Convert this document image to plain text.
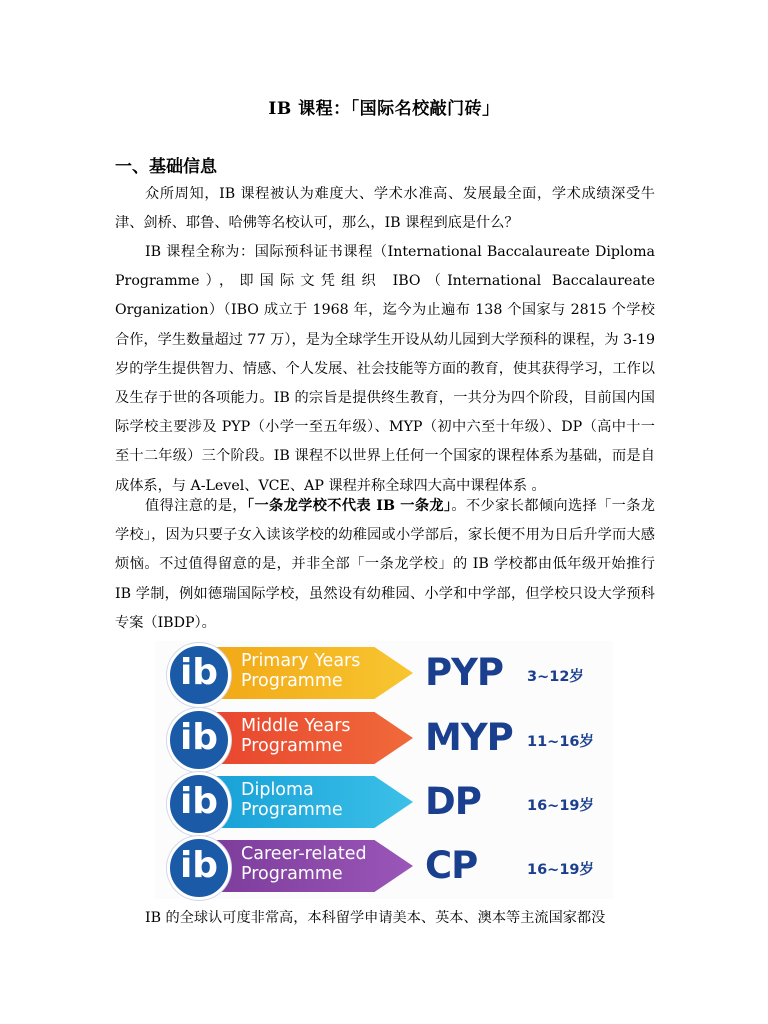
IB 课程：「国际名校敲门砖」
一、基础信息
众所周知，IB 课程被认为难度大、学术水准高、发展最全面，学术成绩深受牛津、剑桥、耶鲁、哈佛等名校认可，那么，IB 课程到底是什么？
IB 课程全称为：国际预科证书课程（International Baccalaureate Diploma Programme），即国际文凭组织 IBO（International Baccalaureate Organization）（IBO 成立于 1968 年，迄今为止遍布 138 个国家与 2815 个学校合作，学生数量超过 77 万），是为全球学生开设从幼儿园到大学预科的课程，为 3-19 岁的学生提供智力、情感、个人发展、社会技能等方面的教育，使其获得学习，工作以及生存于世的各项能力。IB 的宗旨是提供终生教育，一共分为四个阶段，目前国内国际学校主要涉及 PYP（小学一至五年级）、MYP（初中六至十年级）、DP（高中十一至十二年级）三个阶段。IB 课程不以世界上任何一个国家的课程体系为基础，而是自成体系，与 A-Level、VCE、AP 课程并称全球四大高中课程体系 。
值得注意的是，「一条龙学校不代表 IB 一条龙」。不少家长都倾向选择「一条龙学校」，因为只要子女入读该学校的幼稚园或小学部后，家长便不用为日后升学而大感烦恼。不过值得留意的是，并非全部「一条龙学校」的 IB 学校都由低年级开始推行 IB 学制，例如德瑞国际学校，虽然设有幼稚园、小学和中学部，但学校只设大学预科专案（IBDP）。
Primary Years
Programme
ib	PYP	3~12岁
Middle Years
Programme
ib	MYP 11~16岁
Diploma
Programme
ib	DP	16~19岁
Career-related
Programme
ib	CP	16~19岁
IB 的全球认可度非常高，本科留学申请美本、英本、澳本等主流国家都没
